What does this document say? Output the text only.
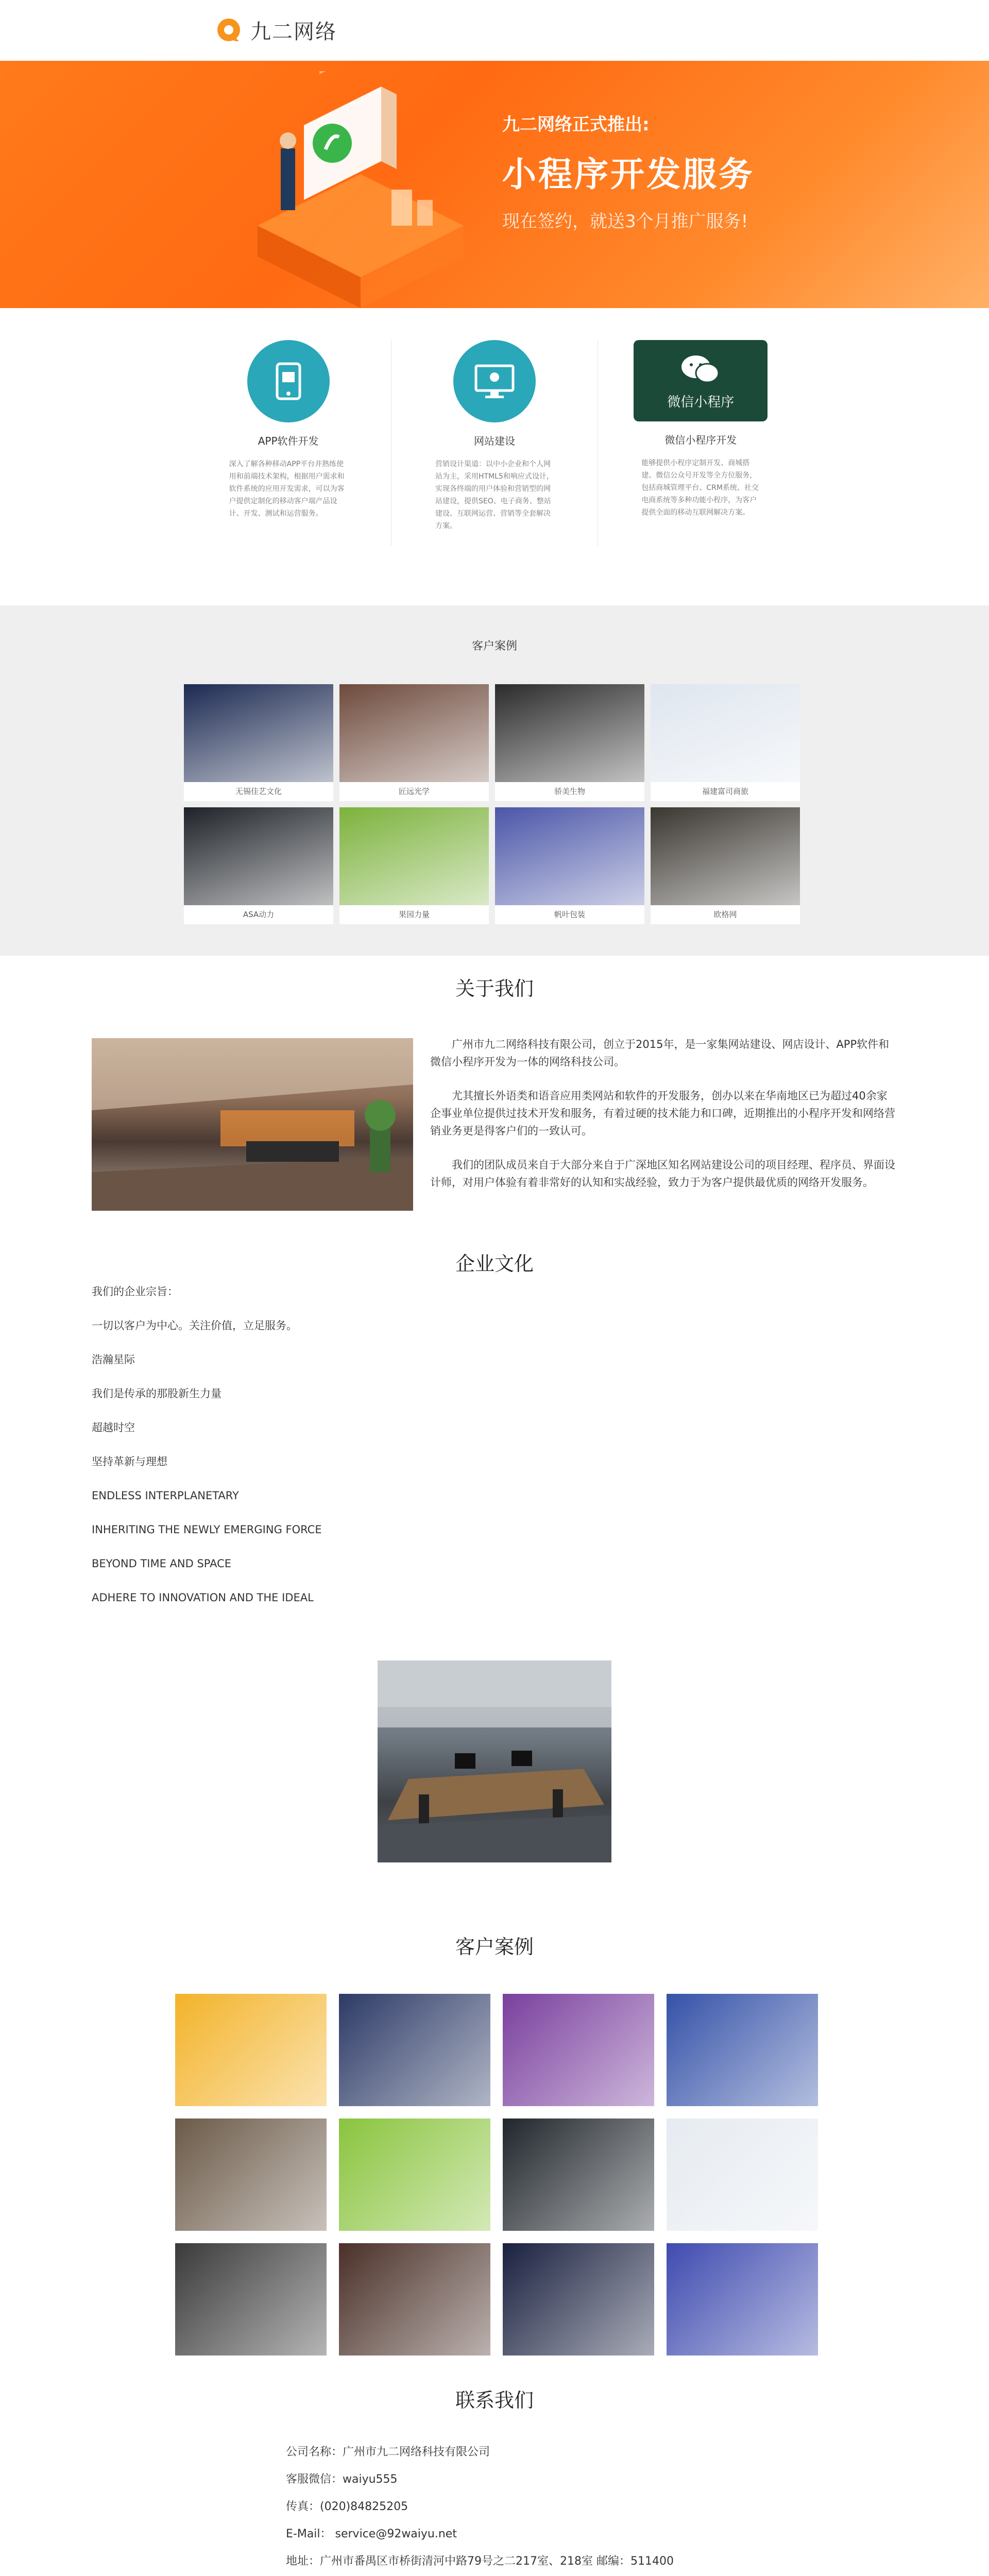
九二网络
九二网络正式推出:
小程序开发服务
现在签约，就送3个月推广服务!
APP软件开发
深入了解各种移动APP平台并熟练使用和前端技术架构，根据用户需求和软件系统的应用开发需求，可以为客户提供定制化的移动客户端产品设计、开发、测试和运营服务。
网站建设
营销设计渠道：以中小企业和个人网站为主，采用HTML5和响应式设计，实现各终端的用户体验和营销型的网站建设，提供SEO、电子商务、整站建设、互联网运营、营销等全套解决方案。
微信小程序
微信小程序开发
能够提供小程序定制开发、商城搭建、微信公众号开发等全方位服务，包括商城管理平台、CRM系统、社交电商系统等多种功能小程序，为客户提供全面的移动互联网解决方案。
客户案例
无锡佳艺文化	匠远光学	骄美生物	福建富司商旅
ASA动力	果园力量	帆叶包装	欧格网
关于我们

广州市九二网络科技有限公司，创立于2015年，是一家集网站建设、网店设计、APP软件和微信小程序开发为一体的网络科技公司。

尤其擅长外语类和语音应用类网站和软件的开发服务，创办以来在华南地区已为超过40余家企事业单位提供过技术开发和服务，有着过硬的技术能力和口碑，近期推出的小程序开发和网络营销业务更是得客户们的一致认可。

我们的团队成员来自于大部分来自于广深地区知名网站建设公司的项目经理、程序员、界面设计师，对用户体验有着非常好的认知和实战经验，致力于为客户提供最优质的网络开发服务。

企业文化
我们的企业宗旨：
一切以客户为中心。关注价值，立足服务。
浩瀚星际
我们是传承的那股新生力量
超越时空
坚持革新与理想
ENDLESS INTERPLANETARY
INHERITING THE NEWLY EMERGING FORCE
BEYOND TIME AND SPACE
ADHERE TO INNOVATION AND THE IDEAL
客户案例
联系我们
公司名称：广州市九二网络科技有限公司
客服微信：waiyu555
传真：(020)84825205
E-Mail： service@92waiyu.net
地址：广州市番禺区市桥街清河中路79号之二217室、218室 邮编：511400
